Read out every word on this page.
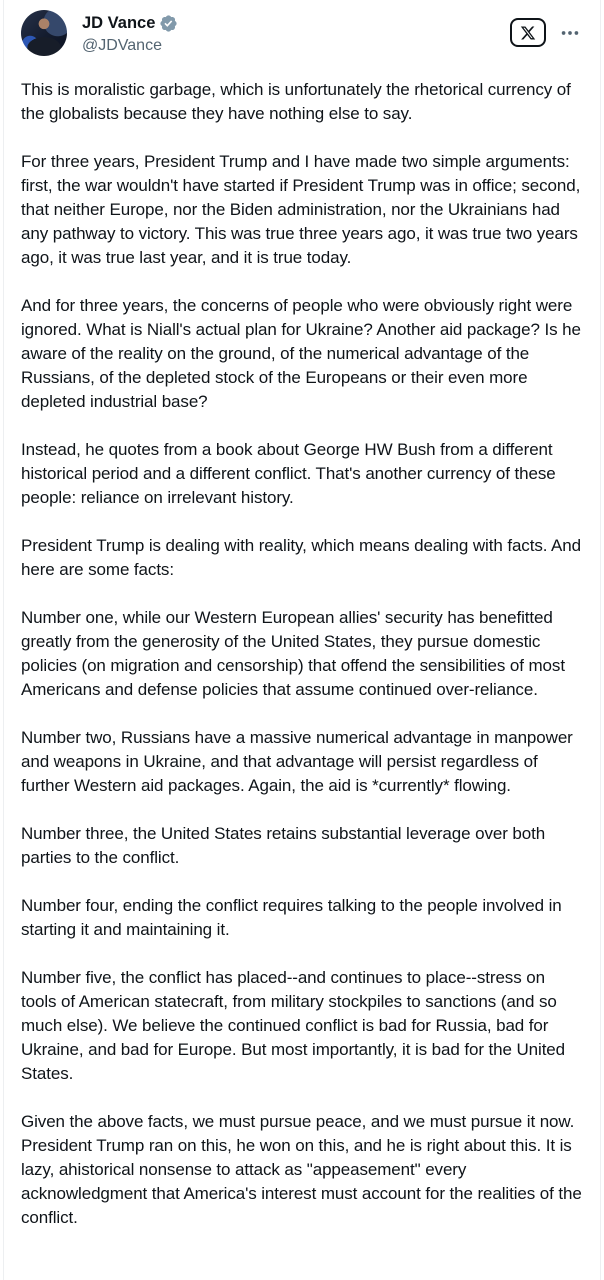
JD Vance
@JDVance

This is moralistic garbage, which is unfortunately the rhetorical currency of the globalists because they have nothing else to say.

For three years, President Trump and I have made two simple arguments: first, the war wouldn't have started if President Trump was in office; second, that neither Europe, nor the Biden administration, nor the Ukrainians had any pathway to victory. This was true three years ago, it was true two years ago, it was true last year, and it is true today.

And for three years, the concerns of people who were obviously right were ignored. What is Niall's actual plan for Ukraine? Another aid package? Is he aware of the reality on the ground, of the numerical advantage of the Russians, of the depleted stock of the Europeans or their even more depleted industrial base?

Instead, he quotes from a book about George HW Bush from a different historical period and a different conflict. That's another currency of these people: reliance on irrelevant history.

President Trump is dealing with reality, which means dealing with facts. And here are some facts:

Number one, while our Western European allies' security has benefitted greatly from the generosity of the United States, they pursue domestic policies (on migration and censorship) that offend the sensibilities of most Americans and defense policies that assume continued over-reliance.

Number two, Russians have a massive numerical advantage in manpower and weapons in Ukraine, and that advantage will persist regardless of further Western aid packages. Again, the aid is *currently* flowing.

Number three, the United States retains substantial leverage over both parties to the conflict.

Number four, ending the conflict requires talking to the people involved in starting it and maintaining it.

Number five, the conflict has placed--and continues to place--stress on tools of American statecraft, from military stockpiles to sanctions (and so much else). We believe the continued conflict is bad for Russia, bad for Ukraine, and bad for Europe. But most importantly, it is bad for the United States.

Given the above facts, we must pursue peace, and we must pursue it now. President Trump ran on this, he won on this, and he is right about this. It is lazy, ahistorical nonsense to attack as "appeasement" every acknowledgment that America's interest must account for the realities of the conflict.
